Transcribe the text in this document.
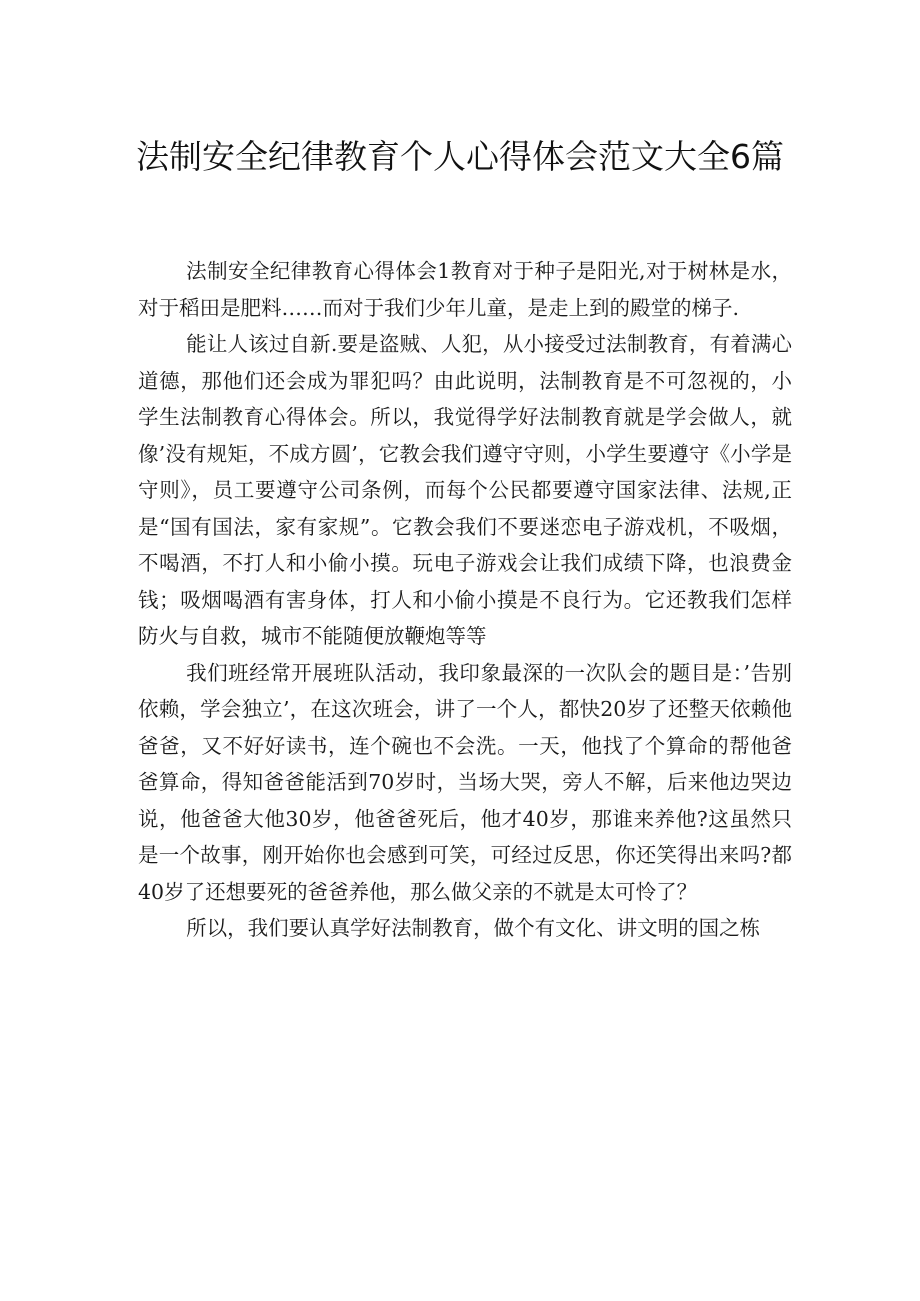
法制安全纪律教育个人心得体会范文大全6篇

法制安全纪律教育心得体会1教育对于种子是阳光,对于树林是水，对于稻田是肥料……而对于我们少年儿童，是走上到的殿堂的梯子.

能让人该过自新.要是盗贼、人犯，从小接受过法制教育，有着满心道德，那他们还会成为罪犯吗？由此说明，法制教育是不可忽视的，小学生法制教育心得体会。所以，我觉得学好法制教育就是学会做人，就像’没有规矩，不成方圆’，它教会我们遵守守则，小学生要遵守《小学是守则》，员工要遵守公司条例，而每个公民都要遵守国家法律、法规,正是“国有国法，家有家规”。它教会我们不要迷恋电子游戏机，不吸烟，不喝酒，不打人和小偷小摸。玩电子游戏会让我们成绩下降，也浪费金钱；吸烟喝酒有害身体，打人和小偷小摸是不良行为。它还教我们怎样防火与自救，城市不能随便放鞭炮等等

我们班经常开展班队活动，我印象最深的一次队会的题目是：’告别依赖，学会独立’，在这次班会，讲了一个人，都快20岁了还整天依赖他爸爸，又不好好读书，连个碗也不会洗。一天，他找了个算命的帮他爸爸算命，得知爸爸能活到70岁时，当场大哭，旁人不解，后来他边哭边说，他爸爸大他30岁，他爸爸死后，他才40岁，那谁来养他?这虽然只是一个故事，刚开始你也会感到可笑，可经过反思，你还笑得出来吗?都40岁了还想要死的爸爸养他，那么做父亲的不就是太可怜了？

所以，我们要认真学好法制教育，做个有文化、讲文明的国之栋
